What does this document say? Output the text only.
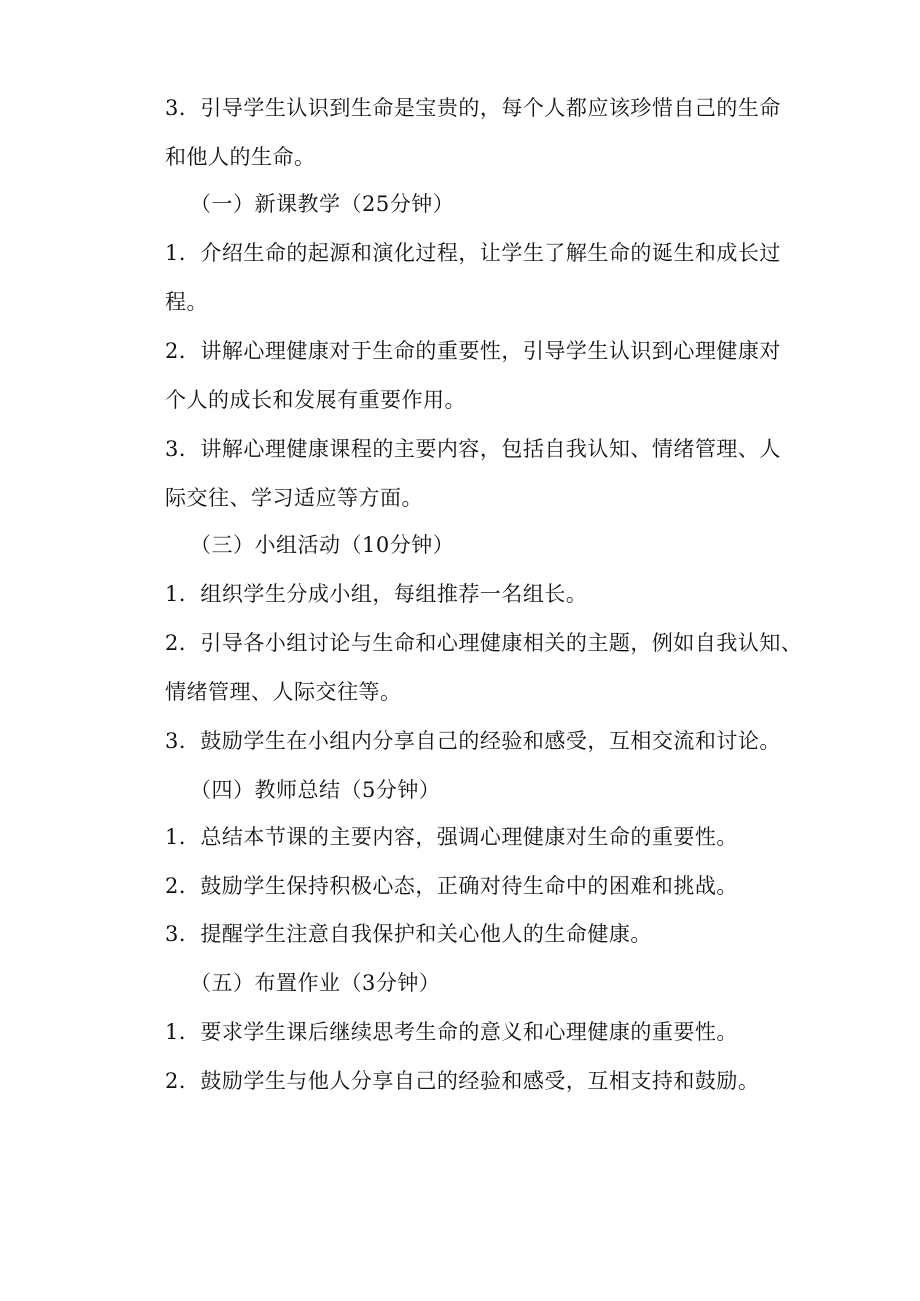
3．引导学生认识到生命是宝贵的，每个人都应该珍惜自己的生命
和他人的生命。
（一）新课教学（25分钟）
1．介绍生命的起源和演化过程，让学生了解生命的诞生和成长过
程。
2．讲解心理健康对于生命的重要性，引导学生认识到心理健康对
个人的成长和发展有重要作用。
3．讲解心理健康课程的主要内容，包括自我认知、情绪管理、人
际交往、学习适应等方面。
（三）小组活动（10分钟）
1．组织学生分成小组，每组推荐一名组长。
2．引导各小组讨论与生命和心理健康相关的主题，例如自我认知、
情绪管理、人际交往等。
3．鼓励学生在小组内分享自己的经验和感受，互相交流和讨论。
（四）教师总结（5分钟）
1．总结本节课的主要内容，强调心理健康对生命的重要性。
2．鼓励学生保持积极心态，正确对待生命中的困难和挑战。
3．提醒学生注意自我保护和关心他人的生命健康。
（五）布置作业（3分钟）
1．要求学生课后继续思考生命的意义和心理健康的重要性。
2．鼓励学生与他人分享自己的经验和感受，互相支持和鼓励。
